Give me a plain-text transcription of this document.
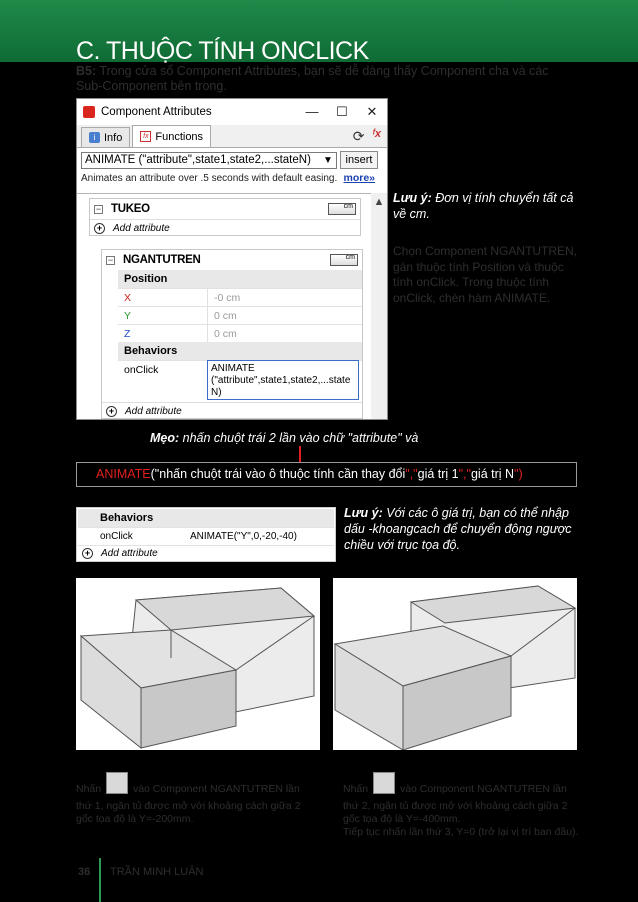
C. THUỘC TÍNH ONCLICK
B5: Trong cửa sổ Component Attributes, bạn sẽ dễ dàng thấy Component cha và các Sub-Component bên trong.
Component Attributes	—	☐	✕
i Info	fx Functions	⟳ ᶠx
ANIMATE ("attribute",state1,state2,...stateN)	▼	insert
Animates an attribute over .5 seconds with default easing. more»
− TUKEO	cm
+ Add attribute
− NGANTUTREN	cm
Position
X	-0 cm
Y	0 cm
Z	0 cm
Behaviors
onClick	ANIMATE ("attribute",state1,state2,...state N)
+ Add attribute
▲ Lưu ý: Đơn vị tính chuyển tất cả về cm.
Chọn Component NGANTUTREN, gán thuộc tính Position và thuộc tính onClick. Trong thuộc tính onClick, chèn hàm ANIMATE.
Mẹo: nhấn chuột trái 2 lần vào chữ "attribute" và
ANIMATE("nhấn chuột trái vào ô thuộc tính cần thay đổi","giá trị 1","giá trị N")
Behaviors
onClick	ANIMATE("Y",0,-20,-40)
+ Add attribute
Lưu ý: Với các ô giá trị, bạn có thể nhập dấu -khoangcach để chuyển động ngược chiều với trục tọa độ.
Nhấn  vào Component NGANTUTREN lần thứ 1, ngăn tủ được mở với khoảng cách giữa 2 gốc tọa độ là Y=-200mm.
Nhấn  vào Component NGANTUTREN lần thứ 2, ngăn tủ được mở với khoảng cách giữa 2 gốc tọa độ là Y=-400mm.
Tiếp tục nhấn lần thứ 3, Y=0 (trở lại vị trí ban đầu).
36 TRẦN MINH LUÂN
